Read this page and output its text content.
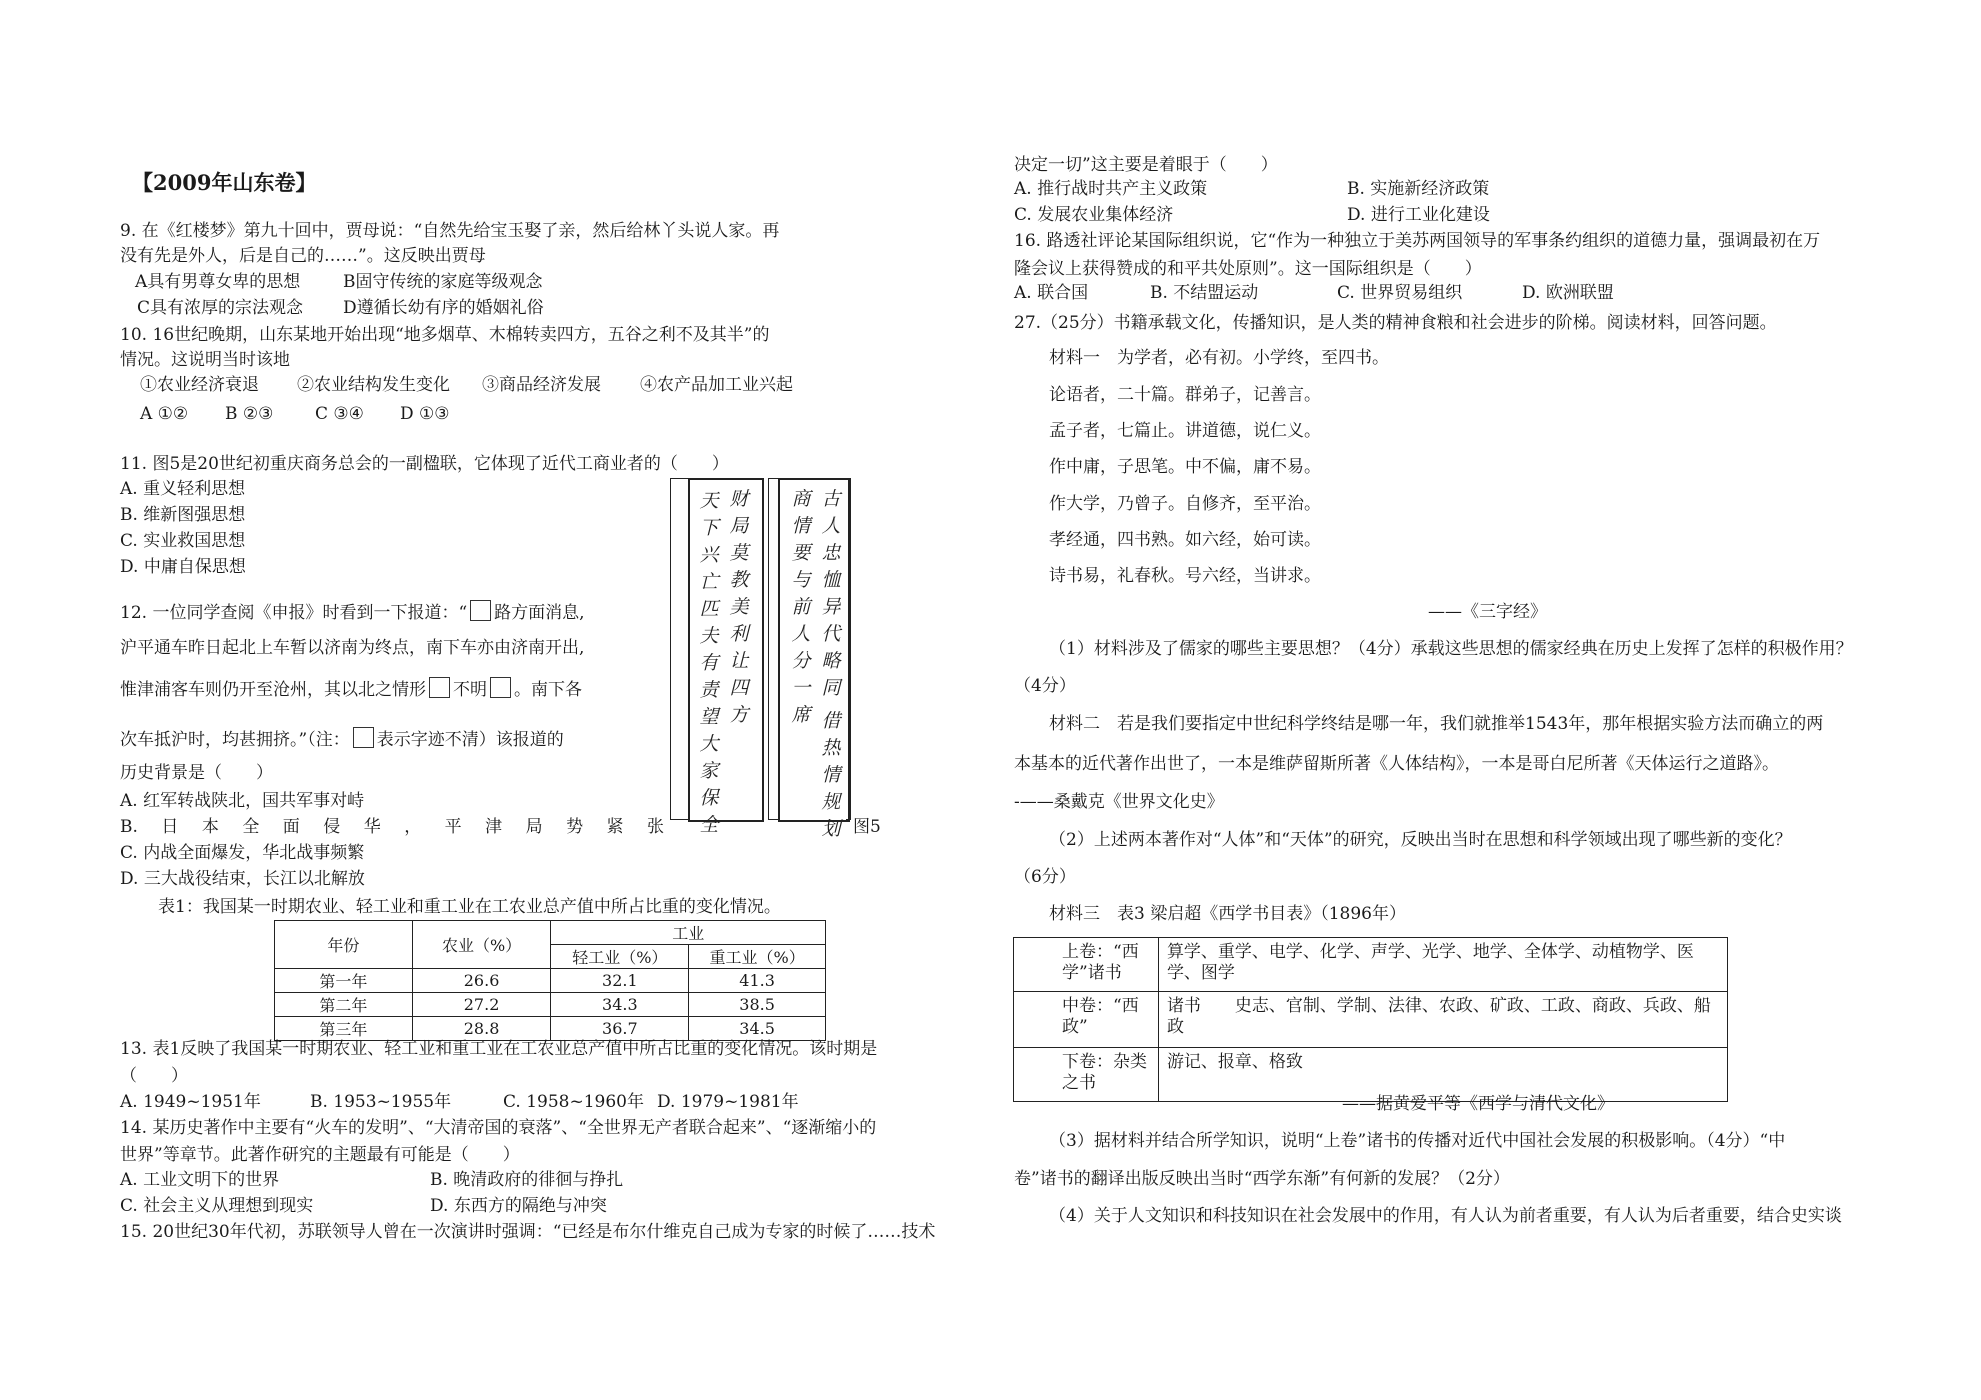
【2009年山东卷】
9. 在《红楼梦》第九十回中，贾母说：“自然先给宝玉娶了亲，然后给林丫头说人家。再
没有先是外人，后是自己的……”。这反映出贾母
A具有男尊女卑的思想	B固守传统的家庭等级观念
C具有浓厚的宗法观念 D遵循长幼有序的婚姻礼俗
10. 16世纪晚期，山东某地开始出现“地多烟草、木棉转卖四方，五谷之利不及其半”的
情况。这说明当时该地
①农业经济衰退 ②农业结构发生变化 ③商品经济发展 ④农产品加工业兴起
A ①② B ②③ C ③④ D ①③
11. 图5是20世纪初重庆商务总会的一副楹联，它体现了近代工商业者的（　　）
A. 重义轻利思想
B. 维新图强思想
C. 实业救国思想
D. 中庸自保思想
12. 一位同学查阅《申报》时看到一下报道：“ 路方面消息,
沪平通车昨日起北上车暂以济南为终点，南下车亦由济南开出,
惟津浦客车则仍开至沧州，其以北之情形 不明 。南下各
次车抵沪时，均甚拥挤。”（注： 表示字迹不清）该报道的
历史背景是（　　）
A. 红军转战陕北，国共军事对峙
B. 日 本 全 面 侵 华 ， 平 津 局 势 紧 张
C. 内战全面爆发，华北战事频繁
D. 三大战役结束，长江以北解放
财局莫教美利让四方
天下兴亡匹夫有责望大家保全
古人忠恤异代略同
商情要与前人分一席 借热情规划 图5
表1：我国某一时期农业、轻工业和重工业在工农业总产值中所占比重的变化情况。
年份	农业（%）	工业	
		轻工业（%）	重工业（%）
第一年	26.6	32.1	41.3
第二年	27.2	34.3	38.5
第三年	28.8	36.7	34.5
13. 表1反映了我国某一时期农业、轻工业和重工业在工农业总产值中所占比重的变化情况。该时期是
（　　）
A. 1949~1951年	B. 1953~1955年	C. 1958~1960年 D. 1979~1981年
14. 某历史著作中主要有“火车的发明”、“大清帝国的衰落”、“全世界无产者联合起来”、“逐渐缩小的
世界”等章节。此著作研究的主题最有可能是（　　）
A. 工业文明下的世界	B. 晚清政府的徘徊与挣扎
C. 社会主义从理想到现实	D. 东西方的隔绝与冲突
15. 20世纪30年代初，苏联领导人曾在一次演讲时强调：“已经是布尔什维克自己成为专家的时候了……技术
决定一切”这主要是着眼于（　　）
A. 推行战时共产主义政策	B. 实施新经济政策
C. 发展农业集体经济	D. 进行工业化建设
16. 路透社评论某国际组织说，它“作为一种独立于美苏两国领导的军事条约组织的道德力量，强调最初在万
隆会议上获得赞成的和平共处原则”。这一国际组织是（　　）
A. 联合国	B. 不结盟运动	C. 世界贸易组织	D. 欧洲联盟
27.（25分）书籍承载文化，传播知识，是人类的精神食粮和社会进步的阶梯。阅读材料，回答问题。
材料一　为学者，必有初。小学终，至四书。
论语者，二十篇。群弟子，记善言。
孟子者，七篇止。讲道德，说仁义。
作中庸，子思笔。中不偏，庸不易。
作大学，乃曾子。自修齐，至平治。
孝经通，四书熟。如六经，始可读。
诗书易，礼春秋。号六经，当讲求。
——《三字经》
（1）材料涉及了儒家的哪些主要思想？（4分）承载这些思想的儒家经典在历史上发挥了怎样的积极作用？
（4分）
材料二　若是我们要指定中世纪科学终结是哪一年，我们就推举1543年，那年根据实验方法而确立的两
本基本的近代著作出世了，一本是维萨留斯所著《人体结构》，一本是哥白尼所著《天体运行之道路》。
-——桑戴克《世界文化史》
（2）上述两本著作对“人体”和“天体”的研究，反映出当时在思想和科学领域出现了哪些新的变化？
（6分）
材料三　表3 梁启超《西学书目表》（1896年）
上卷：“西学”诸书	算学、重学、电学、化学、声学、光学、地学、全体学、动植物学、医学、图学
中卷：“西政”	诸书　　史志、官制、学制、法律、农政、矿政、工政、商政、兵政、船政
下卷：杂类之书	游记、报章、格致
——据黄爱平等《西学与清代文化》
（3）据材料并结合所学知识，说明“上卷”诸书的传播对近代中国社会发展的积极影响。（4分）“中
卷”诸书的翻译出版反映出当时“西学东渐”有何新的发展？（2分）
（4）关于人文知识和科技知识在社会发展中的作用，有人认为前者重要，有人认为后者重要，结合史实谈
